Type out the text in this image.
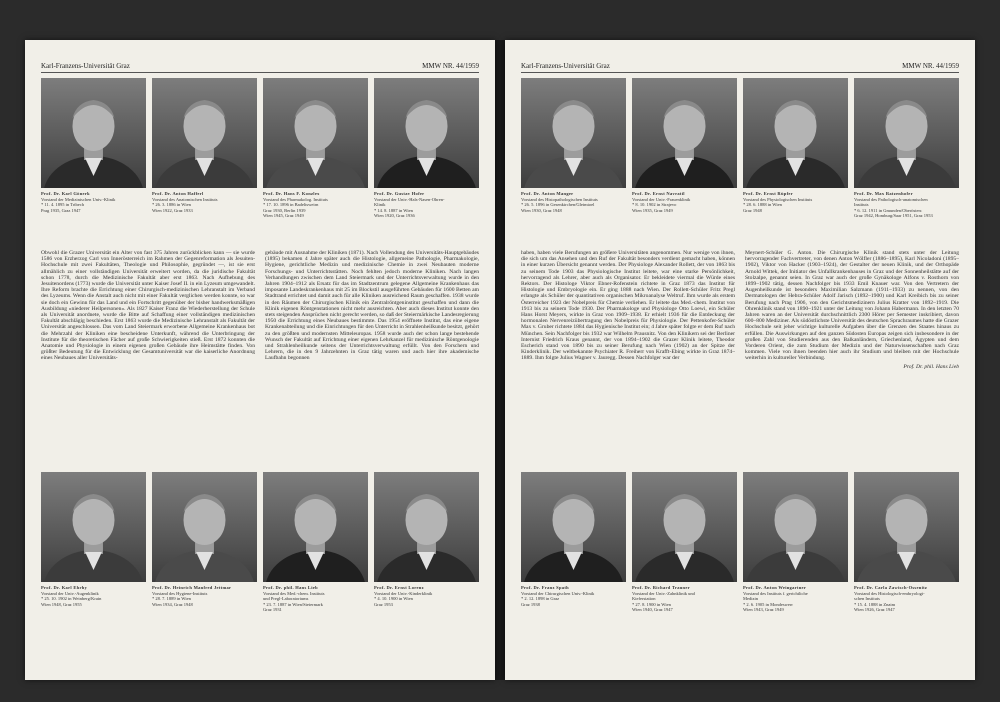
Karl-Franzens-Universität Graz	MMW NR. 44/1959
Prof. Dr. Karl Gönerk
Vorstand der Medizinischen Univ.-Klinik
* 11. 4. 1895 in Tribech
Prag 1935, Graz 1947
Prof. Dr. Anton Hafferl
Vorstand des Anatomischen Instituts
* 26. 3. 1886 in Wien
Wien 1922, Graz 1933
Prof. Dr. Hans F. Konzlex
Vorstand des Pharmakolog. Instituts
* 17. 10. 1896 in Badeltsweirn
Graz 1930, Berlin 1939
Wien 1945, Graz 1949
Prof. Dr. Gustav Hofer
Vorstand der Univ.-Hals-Nasen-Ohren-
Klinik
* 14. 8. 1887 in Wien
Wien 1920, Graz 1936
Obwohl die Grazer Universität ein Alter von fast 375 Jahren zurückblicken kann — sie wurde 1586 von Erzherzog Carl von Innerösterreich im Rahmen der Gegenreformation als Jesuiten-Hochschule mit zwei Fakultäten, Theologie und Philosophie, gegründet —, ist sie erst allmählich zu einer vollständigen Universität erweitert worden, da die juridische Fakultät schon 1778, durch die Medizinische Fakultät aber erst 1863. Nach Aufhebung des Jesuitenordens (1773) wurde die Universität unter Kaiser Josef II. in ein Lyzeum umgewandelt. Ihre Reform brachte die Errichtung einer Chirurgisch-medizinischen Lehranstalt im Verband des Lyzeums. Wenn die Anstalt auch nicht mit einer Fakultät verglichen werden konnte, so war sie doch ein Gewinn für das Land und ein Fortschritt gegenüber der bisher handwerksmäßigen Ausbildung »niederer Heilpersonen«. Als 1827 Kaiser Franz die Wiederherstellung der Schule als Universität anordnete, wurde die Bitte auf Schaffung einer vollständigen medizinischen Fakultät abschlägig beschieden. Erst 1863 wurde die Medizinische Lehranstalt als Fakultät der Universität angeschlossen. Das vom Land Steiermark erworbene Allgemeine Krankenhaus bot die Mehrzahl der Kliniken eine bescheidene Unterkunft, während die Unterbringung der Institute für die theoretischen Fächer auf große Schwierigkeiten stieß. Erst 1872 konnten die Anatomie und Physiologie in einem eigenen großen Gebäude ihre Heimstätte finden. Von größter Bedeutung für die Entwicklung der Gesamtuniversität war die kaiserliche Anordnung eines Neubaues aller Universitäts-
gebäude mit Ausnahme der Kliniken (1871). Nach Vollendung des Universitäts-Hauptgebäudes (1895) bekamen 4 Jahre später auch die Histologie, allgemeine Pathologie, Pharmakologie, Hygiene, gerichtliche Medizin und medizinische Chemie in zwei Neubauten moderne Forschungs- und Unterrichtsstätten. Noch fehlten jedoch moderne Kliniken. Nach langen Verhandlungen zwischen dem Land Steiermark und der Unterrichtsverwaltung wurde in den Jahren 1904–1912 als Ersatz für das im Stadtzentrum gelegene Allgemeine Krankenhaus das imposante Landeskrankenhaus mit 25 im Blockstil ausgeführten Gebäuden für 1600 Betten am Stadtrand errichtet und damit auch für alle Kliniken ausreichend Raum geschaffen. 1938 wurde in den Räumen der Chirurgischen Klinik ein Zentralröntgeninstitut geschaffen und dann die Klinik eigenen Röntgenstationen nicht mehr ausreichten. Aber auch dieses Institut konnte den stets steigenden Ansprüchen nicht gerecht werden, so daß der Steiermärkische Landesregierung 1950 die Errichtung eines Neubaues bestimmte. Das 1954 eröffnete Institut, das eine eigene Krankenabteilung und die Einrichtungen für den Unterricht in Strahlenheilkunde besitzt, gehört zu den größten und modernsten Mitteleuropas. 1958 wurde auch der schon lange bestehende Wunsch der Fakultät auf Errichtung einer eigenen Lehrkanzel für medizinische Röntgenologie und Strahlenheilkunde seitens der Unterrichtsverwaltung erfüllt. Von den Forschern und Lehrern, die in den 9 Jahrzehnten in Graz tätig waren und auch hier ihre akademische Laufbahn begonnen
Prof. Dr. Karl Ehrhy
Vorstand der Univ.-Augenklinik
* 25. 10. 1902 in Weinberg/Krain
Wien 1948, Graz 1955
Prof. Dr. Heinrich Manfred Jettmar
Vorstand des Hygiene-Instituts
* 28. 7. 1889 in Wien
Wien 1934, Graz 1948
Prof. Dr. phil. Hans Lieb
Vorstand des Med.-chem. Instituts
und Pregl-Laboratoriums
* 23. 7. 1887 in Wien/Steiermark
Graz 1931
Prof. Dr. Ernst Lorenz
Vorstand der Univ.-Kinderklinik
* 4. 10. 1900 in Wien
Graz 1953
Karl-Franzens-Universität Graz	MMW NR. 44/1959
Prof. Dr. Anton Manger
Vorstand des Histopathologischen Instituts
* 26. 5. 1896 in Gesenkirchen/Gleimtoel
Wien 1930, Graz 1948
Prof. Dr. Ernst Navratil
Vorstand der Univ.-Frauenklinik
* 8. 10. 1902 in Sirajevo
Wien 1935, Graz 1949
Prof. Dr. Ernst Rüpfer
Vorstand des Physiologischen Instituts
* 28. 6. 1888 in Wien
Graz 1948
Prof. Dr. Max Ratzenhofer
Vorstand des Pathologisch-anatomischen
Instituts
* 6. 12. 1911 in Gmunden/Oberösterr.
Graz 1942, Homburg/Saar 1951, Graz 1953
haben, haben viele Berufungen an größere Universitäten angenommen. Nur wenige von ihnen, die sich um das Ansehen und den Ruf der Fakultät besonders verdient gemacht haben, können in einer kurzen Übersicht genannt werden. Der Physiologe Alexander Rollett, der von 1863 bis zu seinem Tode 1903 das Physiologische Institut leitete, war eine starke Persönlichkeit, hervorragend als Lehrer, aber auch als Organisator. Er bekleidete viermal die Würde eines Rektors. Der Histologe Viktor Ebner-Rofenstein richtete in Graz 1873 das Institut für Histologie und Embryologie ein. Er ging 1888 nach Wien. Der Rollett-Schüler Fritz Pregl erlangte als Schüler der quantitativen organischen Mikroanalyse Weltruf. Ihm wurde als erstem Österreicher 1923 der Nobelpreis für Chemie verliehen. Er leitete das Med.-chem. Institut von 1913 bis zu seinem Tode 1930. Der Pharmakologe und Physiologe Otto Loewi, ein Schüler Hans Horst Meyers, wirkte in Graz von 1909–1938. Er erhielt 1936 für die Entdeckung der hormonalen Nervenreizübertragung den Nobelpreis für Physiologie. Der Pettenkofer-Schüler Max v. Gruber richtete 1884 das Hygienische Institut ein; 4 Jahre später folgte er dem Ruf nach München. Sein Nachfolger bis 1932 war Wilhelm Prausnitz. Von den Klinikern sei der Berliner Internist Friedrich Kraus genannt, der von 1894–1902 die Grazer Klinik leitete, Theodor Escherich stand von 1890 bis zu seiner Berufung nach Wien (1902) an der Spitze der Kinderklinik. Der weltbekannte Psychiater R. Freiherr von Krafft-Ebing wirkte in Graz 1874–1889. Ihm folgte Julius Wagner v. Jauregg. Dessen Nachfolger war der
Meynert-Schüler G. Anton. Die Chirurgische Klinik stand stets unter der Leitung hervorragender Fachvertreter, von denen Anton Wölfler (1886–1895), Karl Nicoladoni (1895–1902), Viktor von Hacker (1903–1924), der Gestalter der neuen Klinik, und der Orthopäde Arnold Wittek, der Initiator des Unfallkrankenhauses in Graz und der Sonnenheilstätte auf der Stolzalpe, genannt seien. In Graz war auch der große Gynäkologe Alfons v. Rosthorn von 1899–1902 tätig, dessen Nachfolger bis 1933 Emil Knauer war. Von den Vertretern der Augenheilkunde ist besonders Maximilian Salzmann (1911–1933) zu nennen, von den Dermatologen der Hebra-Schüler Adolf Jarisch (1892–1900) und Karl Kreibich bis zu seiner Berufung nach Prag 1906, von den Gerichtsmedizinern Julius Kratter von 1892–1919. Die Ohrenklinik stand von 1890–1921 unter der Leitung von Johann Habermann. In den letzten 70 Jahren waren an der Universität durchschnittlich 2300 Hörer per Semester inskribiert, davon 600–800 Mediziner. Als südöstlichste Universität des deutschen Sprachraumes hatte die Grazer Hochschule seit jeher wichtige kulturelle Aufgaben über die Grenzen des Staates hinaus zu erfüllen. Die Auswirkungen auf den ganzen Südosten Europas zeigen sich insbesondere in der großen Zahl von Studierenden aus den Balkanländern, Griechenland, Ägypten und dem Vorderen Orient, die zum Studium der Medizin und der Naturwissenschaften nach Graz kommen. Viele von ihnen beenden hier auch ihr Studium und bleiben mit der Hochschule weiterhin in kultureller Verbindung.
Prof. Dr. phil. Hans Lieb
Prof. Dr. Franz Spath
Vorstand der Chirurgischen Univ.-Klinik
* 2. 12. 1898 in Graz
Graz 1938
Prof. Dr. Richard Trauner
Vorstand der Univ.-Zahnklinik und
Kieferstation
* 27. 8. 1900 in Wien
Wien 1940, Graz 1947
Prof. Dr. Anton Weingartner
Vorstand des Instituts f. gerichtliche
Medizin
* 2. 6. 1905 in Mondeswerr
Wien 1943, Graz 1949
Prof. Dr. Carla Zawisch-Ossenitz
Vorstand des Histologisch-embryologi-
schen Instituts
* 15. 4. 1888 in Znaim
Wien 1926, Graz 1947
